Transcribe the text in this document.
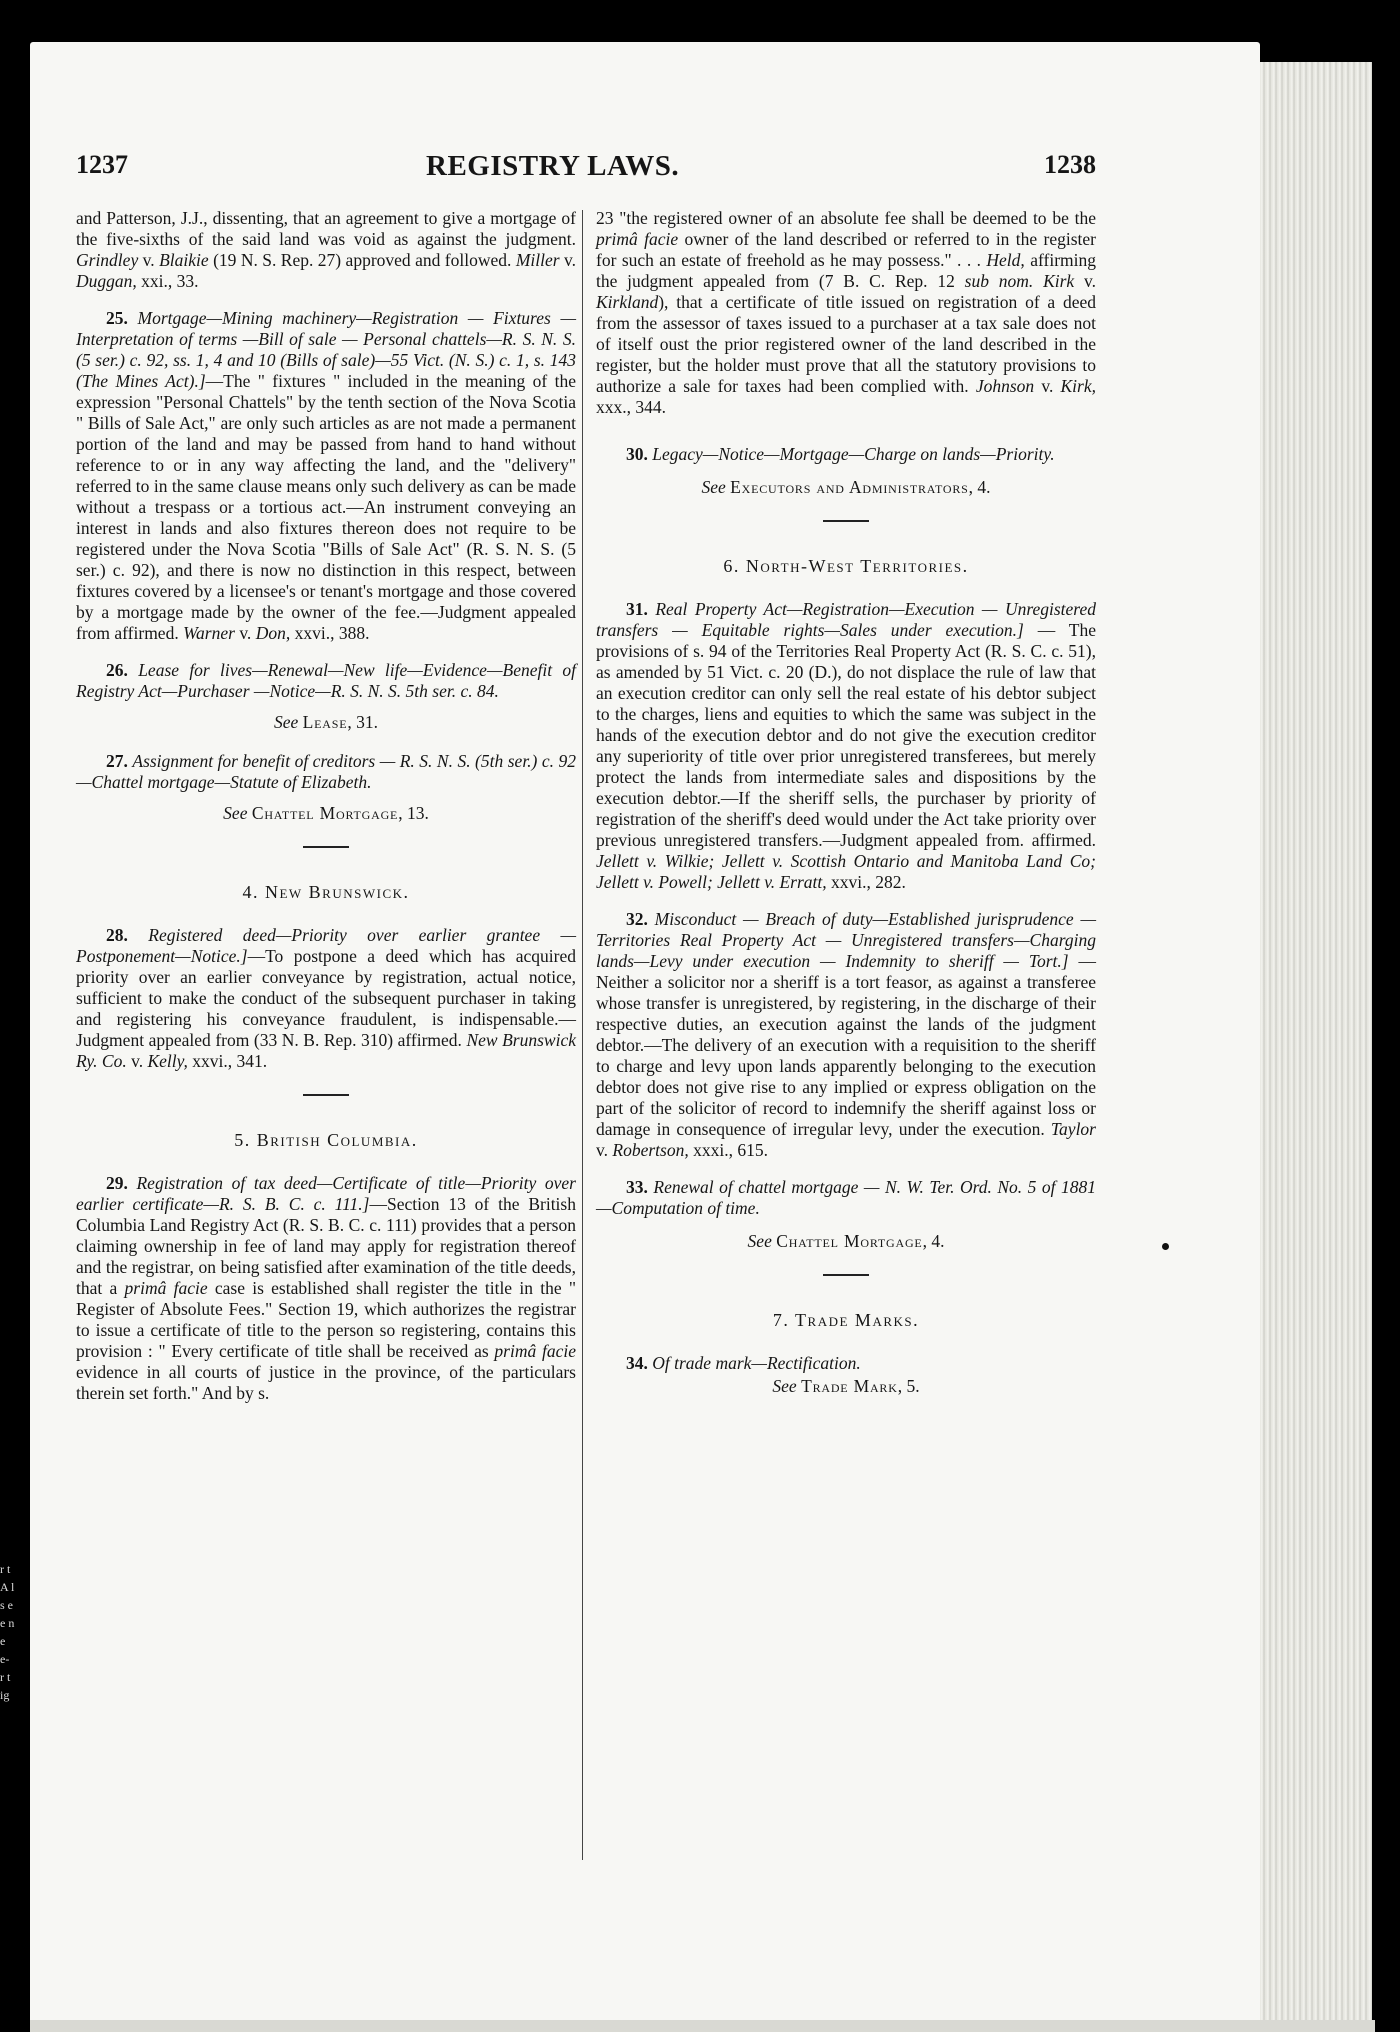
r t A l s e e n e e- r t ig
1237	REGISTRY LAWS.	1238

and Patterson, J.J., dissenting, that an agreement to give a mortgage of the five-sixths of the said land was void as against the judgment. Grindley v. Blaikie (19 N. S. Rep. 27) approved and followed. Miller v. Duggan, xxi., 33.

25. Mortgage—Mining machinery—Registration — Fixtures — Interpretation of terms —Bill of sale — Personal chattels—R. S. N. S. (5 ser.) c. 92, ss. 1, 4 and 10 (Bills of sale)—55 Vict. (N. S.) c. 1, s. 143 (The Mines Act).]—The " fixtures " included in the meaning of the expression "Personal Chattels" by the tenth section of the Nova Scotia " Bills of Sale Act," are only such articles as are not made a permanent portion of the land and may be passed from hand to hand without reference to or in any way affecting the land, and the "delivery" referred to in the same clause means only such delivery as can be made without a trespass or a tortious act.—An instrument conveying an interest in lands and also fixtures thereon does not require to be registered under the Nova Scotia "Bills of Sale Act" (R. S. N. S. (5 ser.) c. 92), and there is now no distinction in this respect, between fixtures covered by a licensee's or tenant's mortgage and those covered by a mortgage made by the owner of the fee.—Judgment appealed from affirmed. Warner v. Don, xxvi., 388.

26. Lease for lives—Renewal—New life—Evidence—Benefit of Registry Act—Purchaser —Notice—R. S. N. S. 5th ser. c. 84.

See Lease, 31.

27. Assignment for benefit of creditors — R. S. N. S. (5th ser.) c. 92—Chattel mortgage—Statute of Elizabeth.

See Chattel Mortgage, 13.
4. New Brunswick.

28. Registered deed—Priority over earlier grantee — Postponement—Notice.]—To postpone a deed which has acquired priority over an earlier conveyance by registration, actual notice, sufficient to make the conduct of the subsequent purchaser in taking and registering his conveyance fraudulent, is indispensable.—Judgment appealed from (33 N. B. Rep. 310) affirmed. New Brunswick Ry. Co. v. Kelly, xxvi., 341.

5. British Columbia.

29. Registration of tax deed—Certificate of title—Priority over earlier certificate—R. S. B. C. c. 111.]—Section 13 of the British Columbia Land Registry Act (R. S. B. C. c. 111) provides that a person claiming ownership in fee of land may apply for registration thereof and the registrar, on being satisfied after examination of the title deeds, that a primâ facie case is established shall register the title in the " Register of Absolute Fees." Section 19, which authorizes the registrar to issue a certificate of title to the person so registering, contains this provision : " Every certificate of title shall be received as primâ facie evidence in all courts of justice in the province, of the particulars therein set forth." And by s.

23 "the registered owner of an absolute fee shall be deemed to be the primâ facie owner of the land described or referred to in the register for such an estate of freehold as he may possess." . . . Held, affirming the judgment appealed from (7 B. C. Rep. 12 sub nom. Kirk v. Kirkland), that a certificate of title issued on registration of a deed from the assessor of taxes issued to a purchaser at a tax sale does not of itself oust the prior registered owner of the land described in the register, but the holder must prove that all the statutory provisions to authorize a sale for taxes had been complied with. Johnson v. Kirk, xxx., 344.

30. Legacy—Notice—Mortgage—Charge on lands—Priority.

See Executors and Administrators, 4.
6. North-West Territories.

31. Real Property Act—Registration—Execution — Unregistered transfers — Equitable rights—Sales under execution.] — The provisions of s. 94 of the Territories Real Property Act (R. S. C. c. 51), as amended by 51 Vict. c. 20 (D.), do not displace the rule of law that an execution creditor can only sell the real estate of his debtor subject to the charges, liens and equities to which the same was subject in the hands of the execution debtor and do not give the execution creditor any superiority of title over prior unregistered transferees, but merely protect the lands from intermediate sales and dispositions by the execution debtor.—If the sheriff sells, the purchaser by priority of registration of the sheriff's deed would under the Act take priority over previous unregistered transfers.—Judgment appealed from. affirmed. Jellett v. Wilkie; Jellett v. Scottish Ontario and Manitoba Land Co; Jellett v. Powell; Jellett v. Erratt, xxvi., 282.

32. Misconduct — Breach of duty—Established jurisprudence — Territories Real Property Act — Unregistered transfers—Charging lands—Levy under execution — Indemnity to sheriff — Tort.] — Neither a solicitor nor a sheriff is a tort feasor, as against a transferee whose transfer is unregistered, by registering, in the discharge of their respective duties, an execution against the lands of the judgment debtor.—The delivery of an execution with a requisition to the sheriff to charge and levy upon lands apparently belonging to the execution debtor does not give rise to any implied or express obligation on the part of the solicitor of record to indemnify the sheriff against loss or damage in consequence of irregular levy, under the execution. Taylor v. Robertson, xxxi., 615.

33. Renewal of chattel mortgage — N. W. Ter. Ord. No. 5 of 1881—Computation of time.

See Chattel Mortgage, 4.
7. Trade Marks.

34. Of trade mark—Rectification.

See Trade Mark, 5.
